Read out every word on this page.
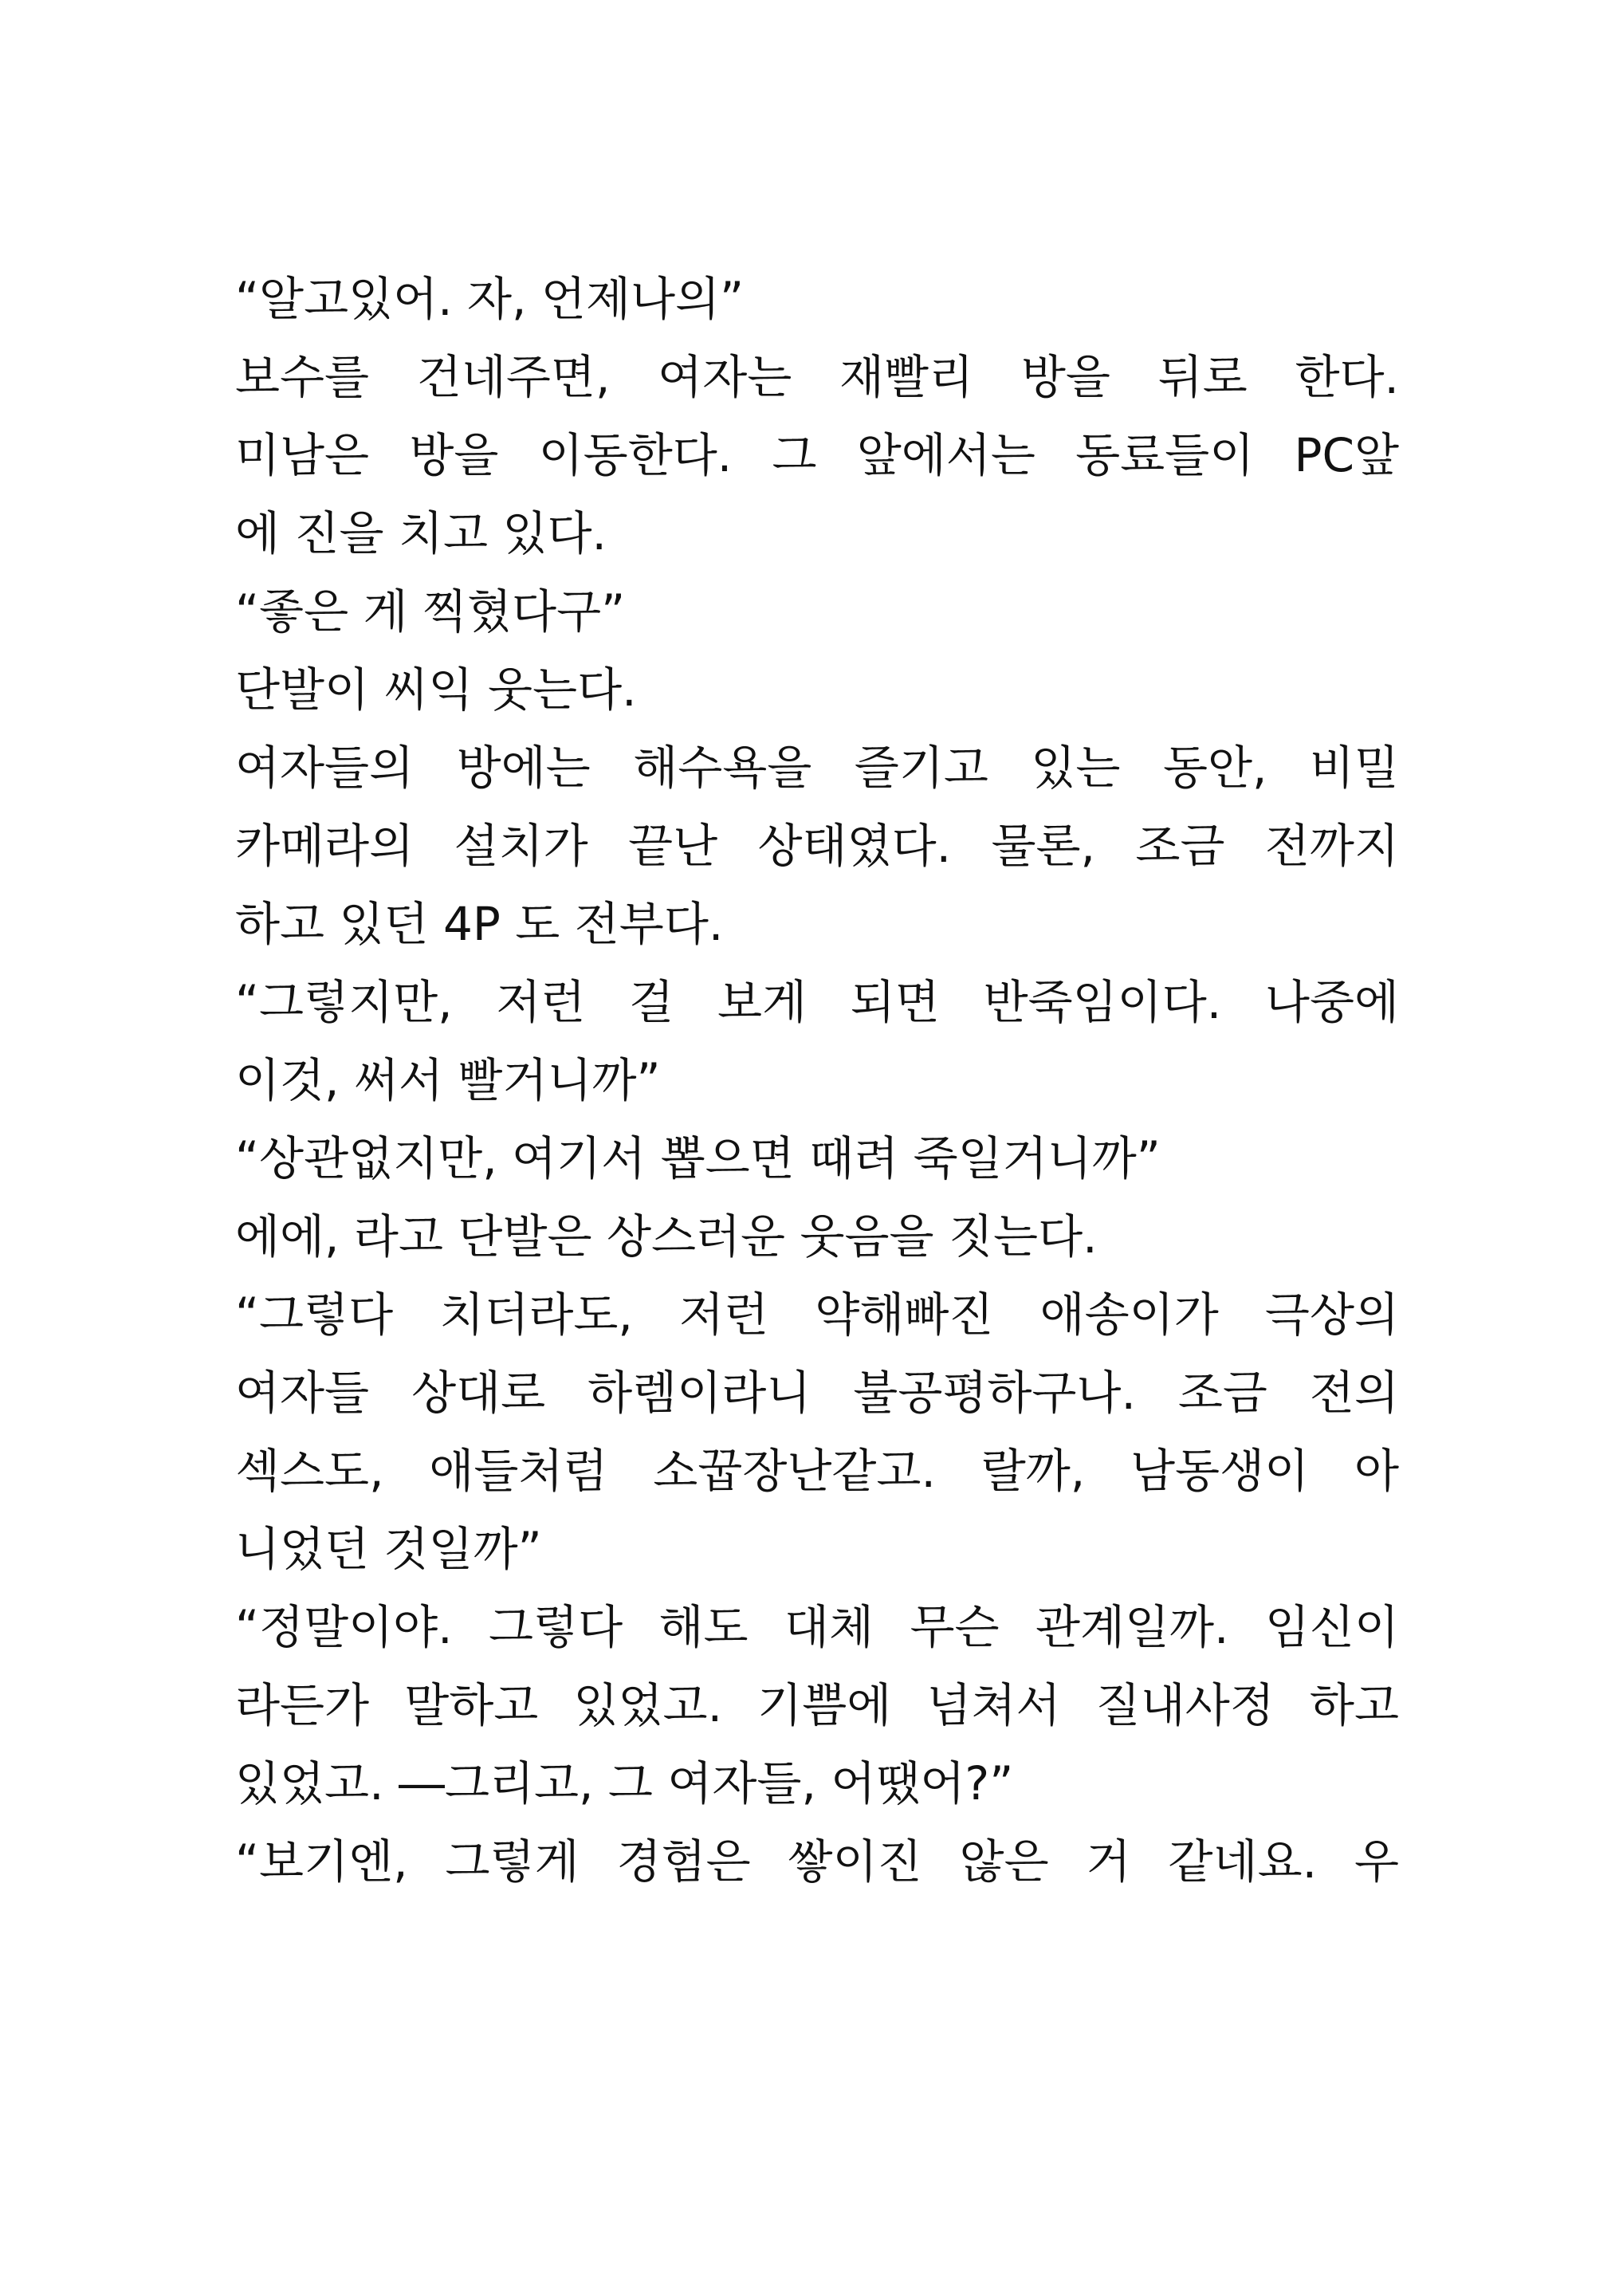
“알고있어. 자, 언제나의”
보수를 건네주면, 여자는 재빨리 방을 뒤로 한다.
미남은 방을 이동한다. 그 앞에서는 동료들이 PC앞
에 진을 치고 있다.
“좋은 게 찍혔다구”
단발이 씨익 웃는다.
여자들의 방에는 해수욕을 즐기고 있는 동안, 비밀
카메라의 설치가 끝난 상태였다. 물론, 조금 전까지
하고 있던 4P 도 전부다.
“그렇지만, 저런 걸 보게 되면 반죽임이다. 나중에
이것, 써서 빨거니까”
“상관없지만, 여기서 뽑으면 때려 죽일거니까”
에에, 라고 단발은 상스러운 웃음을 짓는다.
“그렇다 치더라도, 저런 약해빠진 애송이가 극상의
여자들 상대로 하렘이라니 불공평하구나. 조금 전의
섹스도, 애들처럼 소꿉장난같고. 랄까, 남동생이 아
니었던 것일까”
“정말이야. 그렇다 해도 대체 무슨 관계일까. 임신이
라든가 말하고 있었고. 기쁨에 넘쳐서 질내사정 하고
있었고. ―그리고, 그 여자들, 어땠어?”
“보기엔, 그렇게 경험은 쌓이진 않은 거 같네요. 우
